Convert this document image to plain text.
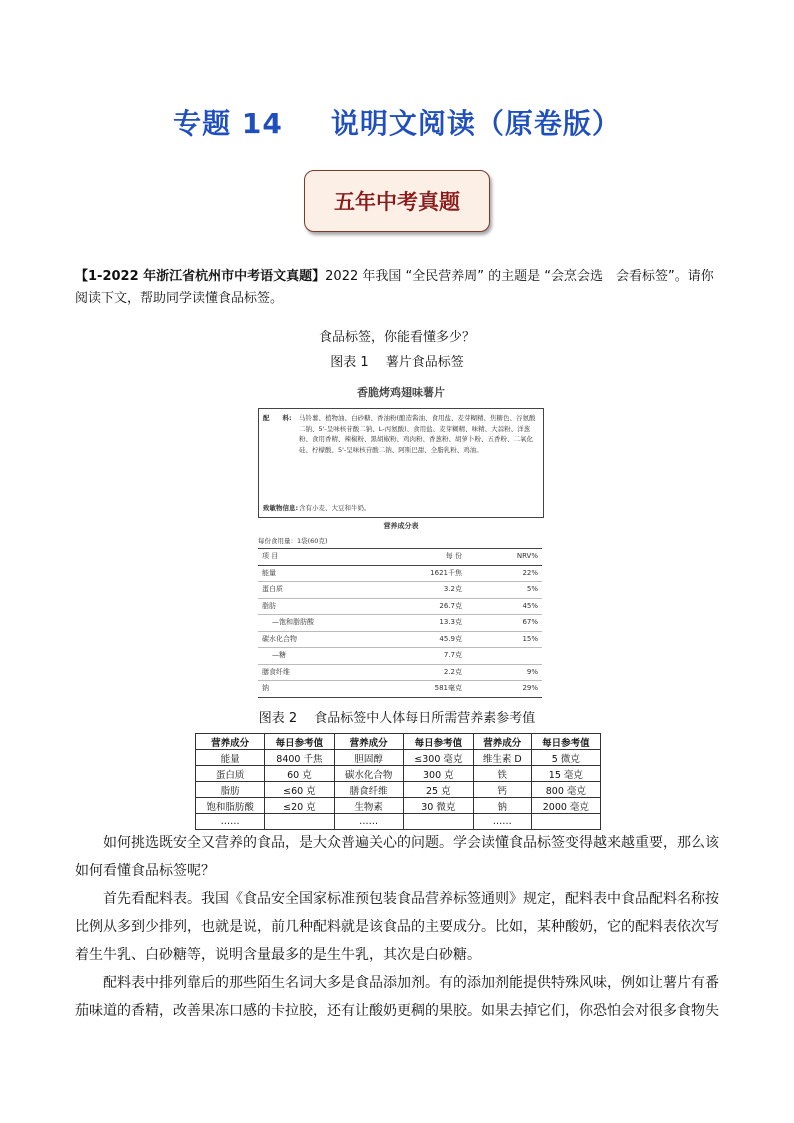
专题 14 说明文阅读（原卷版）
五年中考真题
【1-2022 年浙江省杭州市中考语文真题】2022 年我国 “全民营养周” 的主题是 “会烹会选　会看标签”。请你阅读下文，帮助同学读懂食品标签。
食品标签，你能看懂多少？
图表 1　 薯片食品标签
香脆烤鸡翅味薯片
配　　料: 马铃薯、植物油、白砂糖、香油粉(酿造酱油、食用盐、麦芽糊精、焦糖色、谷氨酸二钠、5'-呈味核苷酸二钠、L-丙氨酸)、食用盐、麦芽糊精、味精、大蒜粉、洋葱粉、食用香精、辣椒粉、黑胡椒粉、鸡肉粉、香葱粉、胡萝卜粉、五香粉、二氧化硅、柠檬酸、5'-呈味核苷酸二钠、阿斯巴甜、全脂乳粉、鸡油。
致敏物信息: 含有小麦、大豆和牛奶。
营养成分表
每份食用量：1袋(60克)
项 目	每 份	NRV%
能量	1621千焦	22%
蛋白质	3.2克	5%
脂肪	26.7克	45%
—饱和脂肪酸	13.3克	67%
碳水化合物	45.9克	15%
—糖	7.7克
膳食纤维	2.2克	9%
钠	581毫克	29%
图表 2　 食品标签中人体每日所需营养素参考值
营养成分	每日参考值	营养成分	每日参考值	营养成分	每日参考值
能量	8400 千焦	胆固醇	≤300 毫克	维生素 D	5 微克
蛋白质	60 克	碳水化合物	300 克	铁	15 毫克
脂肪	≤60 克	膳食纤维	25 克	钙	800 毫克
饱和脂肪酸	≤20 克	生物素	30 微克	钠	2000 毫克
……		……		……	
如何挑选既安全又营养的食品，是大众普遍关心的问题。学会读懂食品标签变得越来越重要，那么该如何看懂食品标签呢？
首先看配料表。我国《食品安全国家标准预包装食品营养标签通则》规定，配料表中食品配料名称按比例从多到少排列，也就是说，前几种配料就是该食品的主要成分。比如，某种酸奶，它的配料表依次写着生牛乳、白砂糖等，说明含量最多的是生牛乳，其次是白砂糖。
配料表中排列靠后的那些陌生名词大多是食品添加剂。有的添加剂能提供特殊风味，例如让薯片有番茄味道的香精，改善果冻口感的卡拉胶，还有让酸奶更稠的果胶。如果去掉它们，你恐怕会对很多食物失
